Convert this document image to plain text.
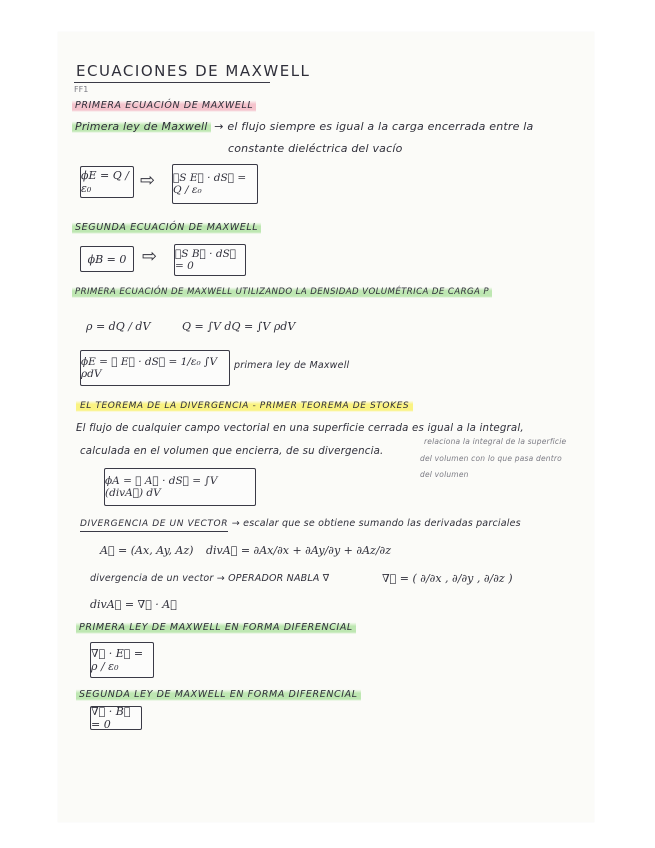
ECUACIONES DE MAXWELL
FF1
PRIMERA ECUACIÓN DE MAXWELL
Primera ley de Maxwell → el flujo siempre es igual a la carga encerrada entre la
constante dieléctrica del vacío
ϕE = Q / ε₀	⇨ ∮S E⃗ · dS⃗ = Q / ε₀
SEGUNDA ECUACIÓN DE MAXWELL
ϕB = 0 ⇨ ∮S B⃗ · dS⃗ = 0
PRIMERA ECUACIÓN DE MAXWELL UTILIZANDO LA DENSIDAD VOLUMÉTRICA DE CARGA Ρ
ρ = dQ / dV	Q = ∫V dQ = ∫V ρdV
ϕE = ∮ E⃗ · dS⃗ = 1/ε₀ ∫V ρdV
primera ley de Maxwell
EL TEOREMA DE LA DIVERGENCIA - PRIMER TEOREMA DE STOKES
El flujo de cualquier campo vectorial en una superficie cerrada es igual a la integral,
calculada en el volumen que encierra, de su divergencia.
relaciona la integral de la superficie
del volumen con lo que pasa dentro
del volumen
ϕA = ∮ A⃗ · dS⃗ = ∫V (divA⃗) dV
DIVERGENCIA DE UN VECTOR → escalar que se obtiene sumando las derivadas parciales
A⃗ = (Ax, Ay, Az) divA⃗ = ∂Ax/∂x + ∂Ay/∂y + ∂Az/∂z
divergencia de un vector → OPERADOR NABLA ∇⃗	∇⃗ = ( ∂/∂x , ∂/∂y , ∂/∂z )
divA⃗ = ∇⃗ · A⃗
PRIMERA LEY DE MAXWELL EN FORMA DIFERENCIAL
∇⃗ · E⃗ = ρ / ε₀
SEGUNDA LEY DE MAXWELL EN FORMA DIFERENCIAL
∇⃗ · B⃗ = 0
